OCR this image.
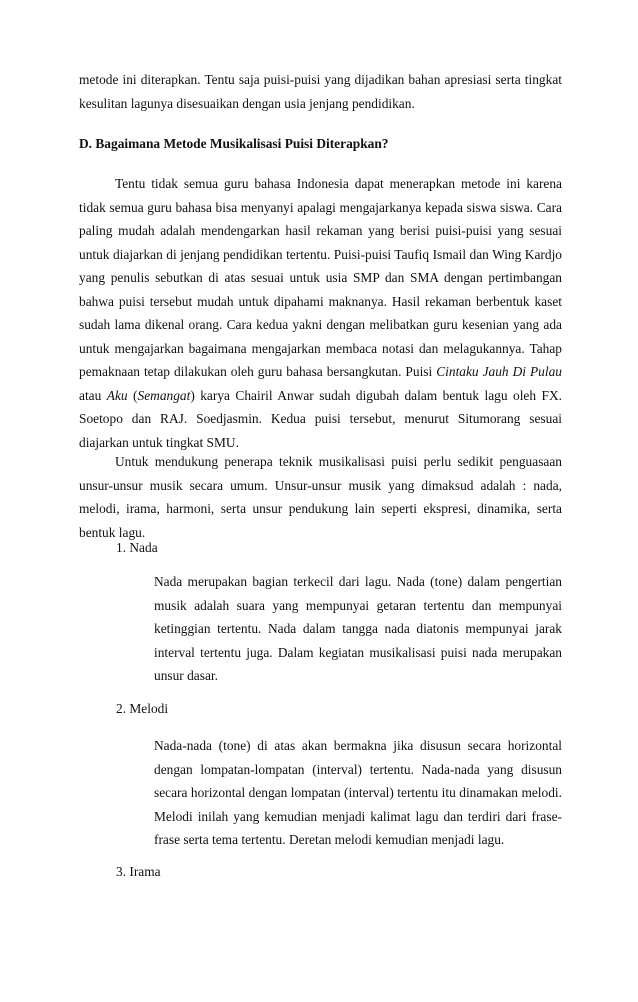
metode ini diterapkan. Tentu saja puisi-puisi yang dijadikan bahan apresiasi serta tingkat kesulitan lagunya disesuaikan dengan usia jenjang pendidikan.

D. Bagaimana Metode Musikalisasi Puisi Diterapkan?

Tentu tidak semua guru bahasa Indonesia dapat menerapkan metode ini karena tidak semua guru bahasa bisa menyanyi apalagi mengajarkanya kepada siswa siswa. Cara paling mudah adalah mendengarkan hasil rekaman yang berisi puisi-puisi yang sesuai untuk diajarkan di jenjang pendidikan tertentu. Puisi-puisi Taufiq Ismail dan Wing Kardjo yang penulis sebutkan di atas sesuai untuk usia SMP dan SMA dengan pertimbangan bahwa puisi tersebut mudah untuk dipahami maknanya. Hasil rekaman berbentuk kaset sudah lama dikenal orang. Cara kedua yakni dengan melibatkan guru kesenian yang ada untuk mengajarkan bagaimana mengajarkan membaca notasi dan melagukannya. Tahap pemaknaan tetap dilakukan oleh guru bahasa bersangkutan. Puisi Cintaku Jauh Di Pulau atau Aku (Semangat) karya Chairil Anwar sudah digubah dalam bentuk lagu oleh FX. Soetopo dan RAJ. Soedjasmin. Kedua puisi tersebut, menurut Situmorang sesuai diajarkan untuk tingkat SMU.

Untuk mendukung penerapa teknik musikalisasi puisi perlu sedikit penguasaan unsur-unsur musik secara umum. Unsur-unsur musik yang dimaksud adalah : nada, melodi, irama, harmoni, serta unsur pendukung lain seperti ekspresi, dinamika, serta bentuk lagu.

1. Nada

Nada merupakan bagian terkecil dari lagu. Nada (tone) dalam pengertian musik adalah suara yang mempunyai getaran tertentu dan mempunyai ketinggian tertentu. Nada dalam tangga nada diatonis mempunyai jarak interval tertentu juga. Dalam kegiatan musikalisasi puisi nada merupakan unsur dasar.

2. Melodi

Nada-nada (tone) di atas akan bermakna jika disusun secara horizontal dengan lompatan-lompatan (interval) tertentu. Nada-nada yang disusun secara horizontal dengan lompatan (interval) tertentu itu dinamakan melodi. Melodi inilah yang kemudian menjadi kalimat lagu dan terdiri dari frase-frase serta tema tertentu. Deretan melodi kemudian menjadi lagu.

3. Irama
